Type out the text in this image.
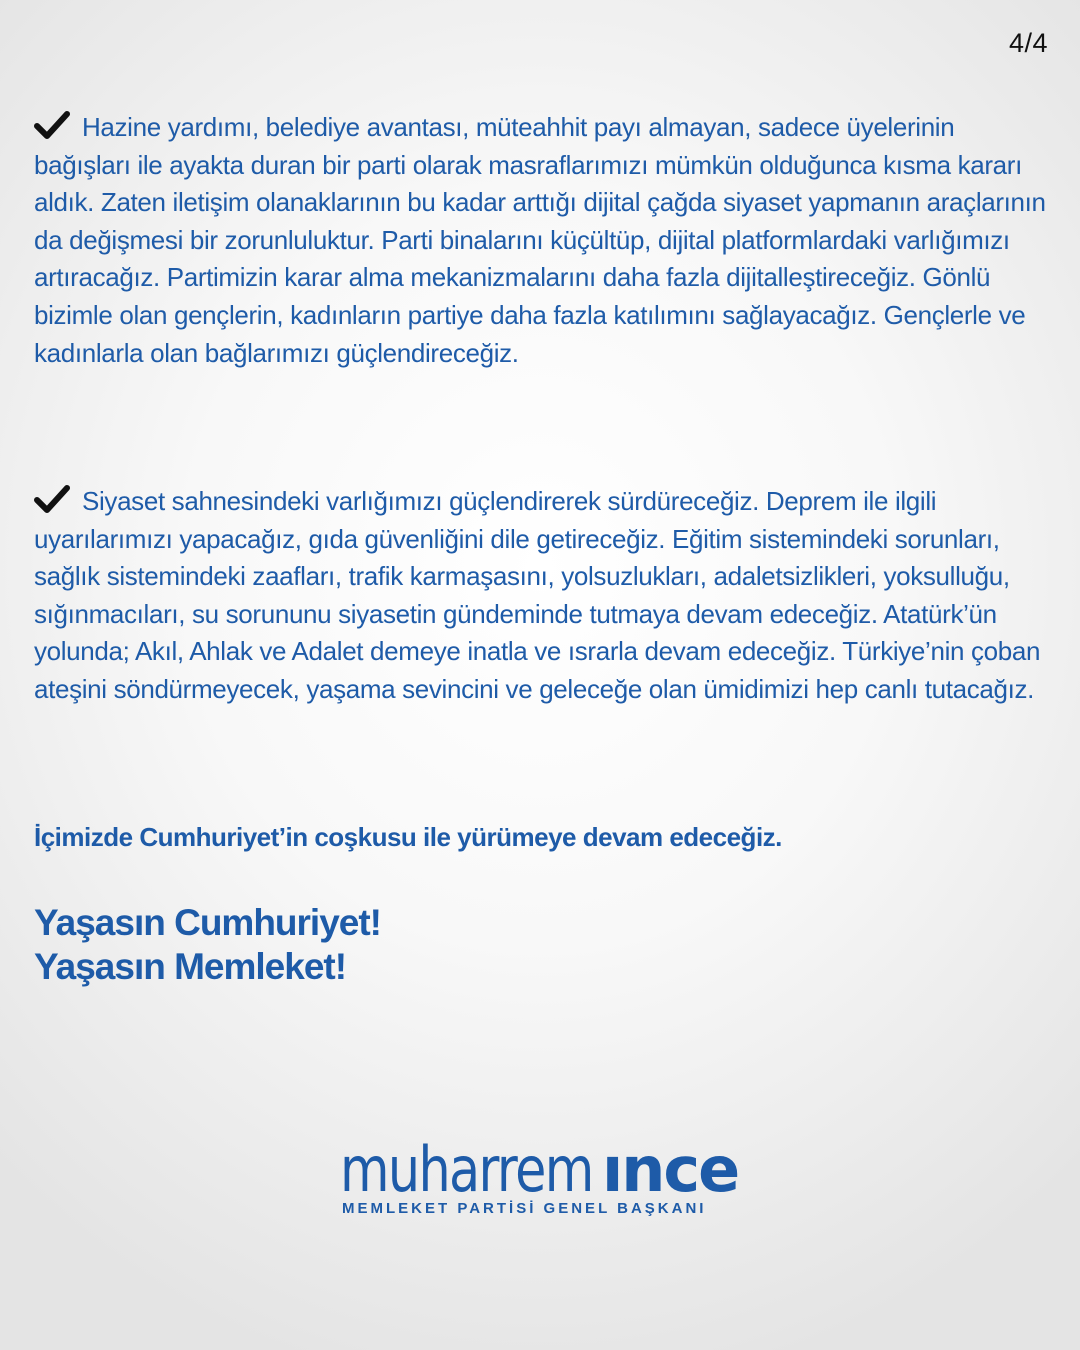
4/4

Hazine yardımı, belediye avantası, müteahhit payı almayan, sadece üyelerinin bağışları ile ayakta duran bir parti olarak masraflarımızı mümkün olduğunca kısma kararı aldık. Zaten iletişim olanaklarının bu kadar arttığı dijital çağda siyaset yapmanın araçlarının da değişmesi bir zorunluluktur. Parti binalarını küçültüp, dijital platformlardaki varlığımızı artıracağız. Partimizin karar alma mekanizmalarını daha fazla dijitalleştireceğiz. Gönlü bizimle olan gençlerin, kadınların partiye daha fazla katılımını sağlayacağız. Gençlerle ve kadınlarla olan bağlarımızı güçlendireceğiz.

Siyaset sahnesindeki varlığımızı güçlendirerek sürdüreceğiz. Deprem ile ilgili uyarılarımızı yapacağız, gıda güvenliğini dile getireceğiz. Eğitim sistemindeki sorunları, sağlık sistemindeki zaafları, trafik karmaşasını, yolsuzlukları, adaletsizlikleri, yoksulluğu, sığınmacıları, su sorununu siyasetin gündeminde tutmaya devam edeceğiz. Atatürk’ün yolunda; Akıl, Ahlak ve Adalet demeye inatla ve ısrarla devam edeceğiz. Türkiye’nin çoban ateşini söndürmeyecek, yaşama sevincini ve geleceğe olan ümidimizi hep canlı tutacağız.

İçimizde Cumhuriyet’in coşkusu ile yürümeye devam edeceğiz.

Yaşasın Cumhuriyet!
Yaşasın Memleket!
muharrem ınce
MEMLEKET PARTİSİ GENEL BAŞKANI
